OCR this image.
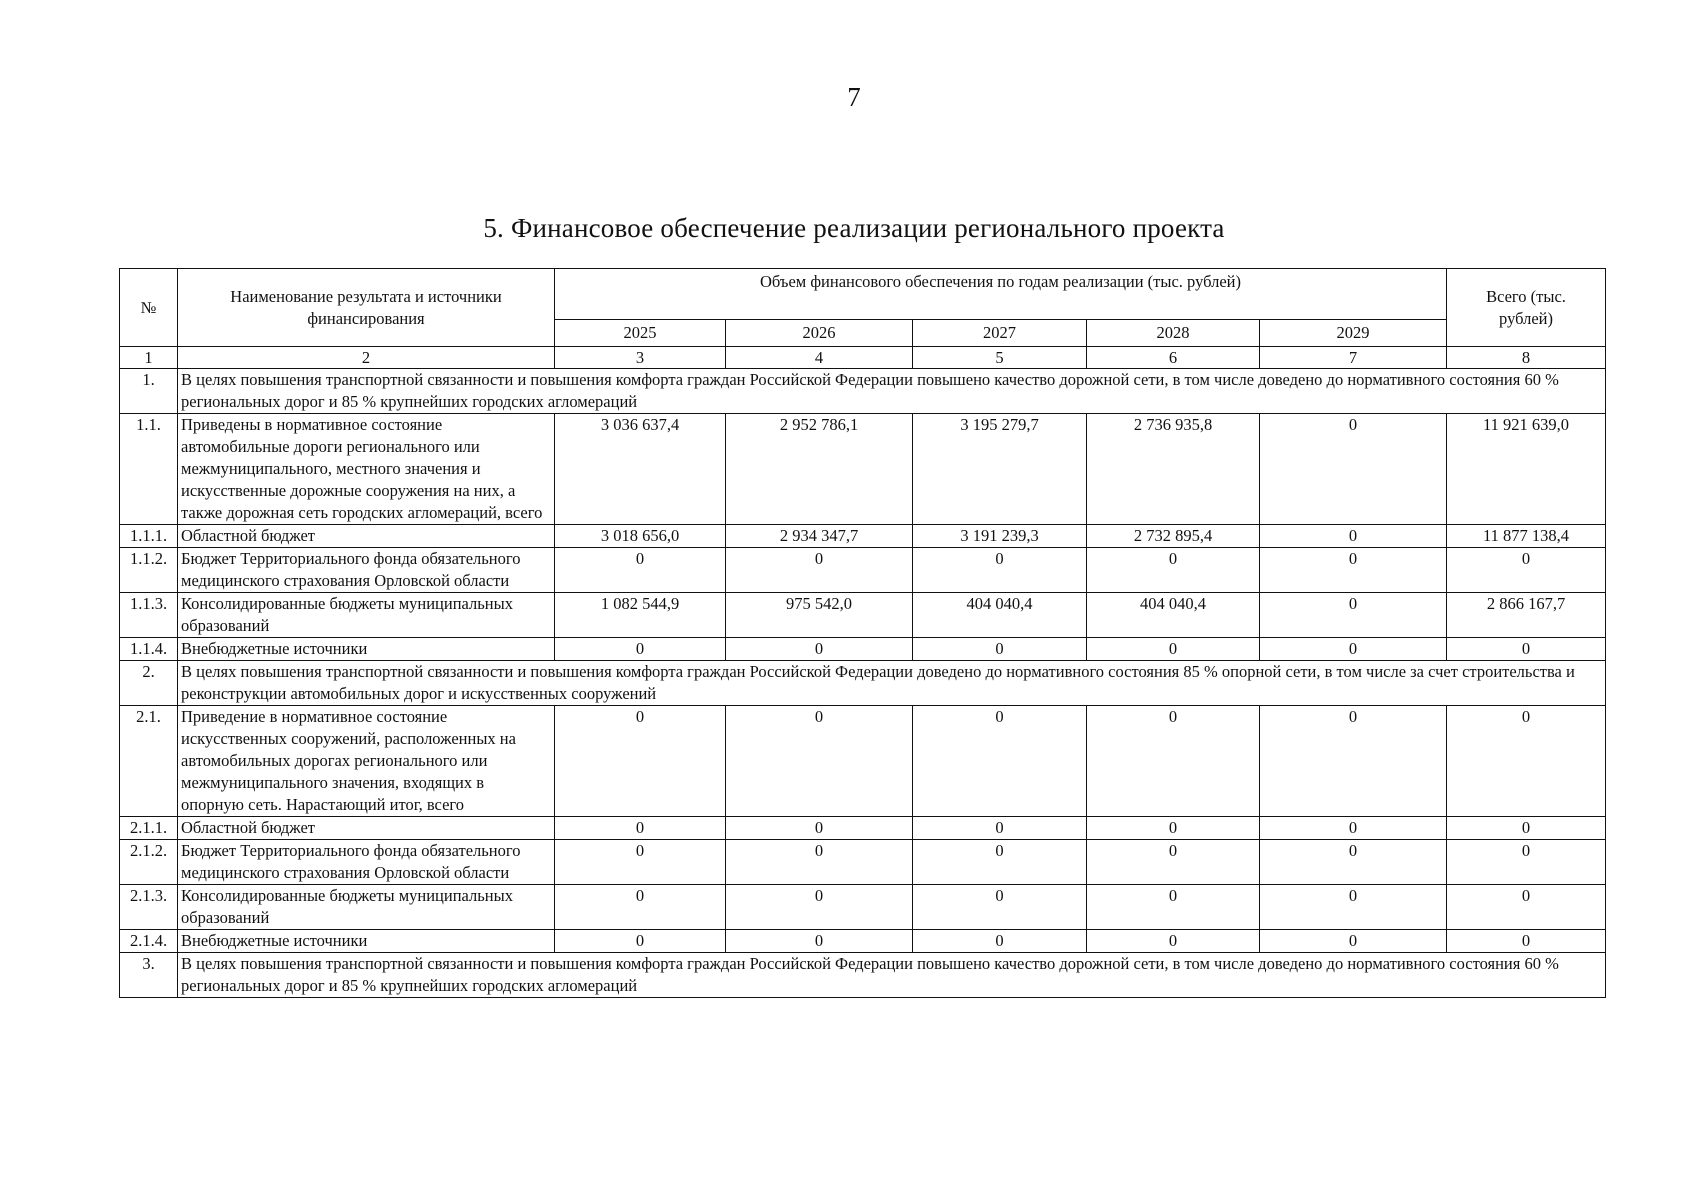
7
5. Финансовое обеспечение реализации регионального проекта
№	Наименование результата и источники финансирования	Объем финансового обеспечения по годам реализации (тыс. рублей)					Всего (тыс. рублей)
		2025	2026	2027	2028	2029	
1	2	3	4	5	6	7	8
1.	В целях повышения транспортной связанности и повышения комфорта граждан Российской Федерации повышено качество дорожной сети, в том числе доведено до нормативного состояния 60 % региональных дорог и 85 % крупнейших городских агломераций						
1.1.	Приведены в нормативное состояние автомобильные дороги регионального или межмуниципального, местного значения и искусственные дорожные сооружения на них, а также дорожная сеть городских агломераций, всего	3 036 637,4	2 952 786,1	3 195 279,7	2 736 935,8	0	11 921 639,0
1.1.1.	Областной бюджет	3 018 656,0	2 934 347,7	3 191 239,3	2 732 895,4	0	11 877 138,4
1.1.2.	Бюджет Территориального фонда обязательного медицинского страхования Орловской области	0	0	0	0	0	0
1.1.3.	Консолидированные бюджеты муниципальных образований	1 082 544,9	975 542,0	404 040,4	404 040,4	0	2 866 167,7
1.1.4.	Внебюджетные источники	0	0	0	0	0	0
2.	В целях повышения транспортной связанности и повышения комфорта граждан Российской Федерации доведено до нормативного состояния 85 % опорной сети, в том числе за счет строительства и реконструкции автомобильных дорог и искусственных сооружений						
2.1.	Приведение в нормативное состояние искусственных сооружений, расположенных на автомобильных дорогах регионального или межмуниципального значения, входящих в опорную сеть. Нарастающий итог, всего	0	0	0	0	0	0
2.1.1.	Областной бюджет	0	0	0	0	0	0
2.1.2.	Бюджет Территориального фонда обязательного медицинского страхования Орловской области	0	0	0	0	0	0
2.1.3.	Консолидированные бюджеты муниципальных образований	0	0	0	0	0	0
2.1.4.	Внебюджетные источники	0	0	0	0	0	0
3.	В целях повышения транспортной связанности и повышения комфорта граждан Российской Федерации повышено качество дорожной сети, в том числе доведено до нормативного состояния 60 % региональных дорог и 85 % крупнейших городских агломераций						
